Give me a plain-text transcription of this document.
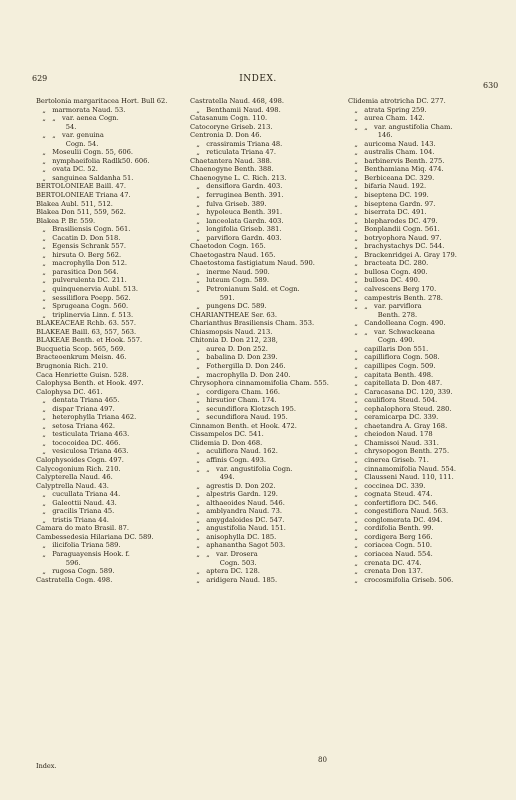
629	INDEX.
630
Bertolonia margaritacea Hort. Bull 62.
„   marmorata Naud. 53.
„   „   var. aenea Cogn.
54.
„   „   var. genuina
Cogn. 54.
„   Moseulii Cogn. 55, 606.
„   nymphaeifolia Radlk50. 606.
„   ovata DC. 52.
„   sanguinea Saldanha 51.
BERTOLONIEAE Baill. 47.
BERTOLONIEAE Triana 47.
Blakea Aubl. 511, 512.
Blakea Don 511, 559, 562.
Blakea P. Br. 559.
„   Brasiliensis Cogn. 561.
„   Cacatin D. Don 518.
„   Egensis Schrank 557.
„   hirsuta O. Berg 562.
„   macrophylla Don 512.
„   parasitica Don 564.
„   pulverulenta DC. 211.
„   quinquenervia Aubl. 513.
„   sessiliflora Poepp. 562.
„   Sprugeana Cogn. 560.
„   triplinervia Linn. f. 513.
BLAKEACEAE Rchb. 63. 557.
BLAKEAE Baill. 63, 557, 563.
BLAKEAE Benth. et Hook. 557.
Bucquetia Scop. 565, 569.
Bracteoenkrum Meisn. 46.
Brugnonia Rich. 210.
Caca Henriette Guisn. 528.
Calophysa Benth. et Hook. 497.
Calophysa DC. 461.
„   dentata Triana 465.
„   dispar Triana 497.
„   heterophylla Triana 462.
„   setosa Triana 462.
„   testiculata Triana 463.
„   tococoidea DC. 466.
„   vesiculosa Triana 463.
Calophysoides Cogn. 497.
Calycogonium Rich. 210.
Calypterella Naud. 46.
Calyptrella Naud. 43.
„   cucullata Triana 44.
„   Galeottii Naud. 43.
„   gracilis Triana 45.
„   tristis Triana 44.
Camara do mato Brasil. 87.
Cambessedesia Hilariana DC. 589.
„   ilicifolia Triana 589.
„   Paraguayensis Hook. f.
596.
„   rugosa Cogn. 589.
Castratella Cogn. 498.
Castratella Naud. 468, 498.
„   Benthamii Naud. 498.
Catasanum Cogn. 110.
Catocoryne Griseb. 213.
Centronia D. Don 46.
„   crassiramis Triana 48.
„   reticulata Triana 47.
Chaetantera Naud. 388.
Chaenogyne Benth. 388.
Chaenogyne L. C. Rich. 213.
„   densiflora Gardn. 403.
„   ferruginea Benth. 391.
„   fulva Griseb. 389.
„   hypoleuca Benth. 391.
„   lanceolata Gardn. 403.
„   longifolia Griseb. 381.
„   parviflora Gardn. 403.
Chaetodon Cogn. 165.
Chaetogastra Naud. 165.
Chaetostoma fastigiatum Naud. 590.
„   inerme Naud. 590.
„   luteum Cogn. 589.
„   Petronianum Sald. et Cogn.
591.
„   pungens DC. 589.
CHARIANTHEAE Ser. 63.
Charianthus Brasiliensis Cham. 353.
Chiasmopsis Naud. 213.
Chitonia D. Don 212, 238,
„   aurea D. Don 252.
„   babalina D. Don 239.
„   Fothergilla D. Don 246.
„   macrophylla D. Don 240.
Chrysophora cinnamomifolia Cham. 555.
„   cordigera Cham. 166.
„   hirsutior Cham. 174.
„   secundiflora Klotzsch 195.
„   secundiflora Naud. 195.
Cinnamon Benth. et Hook. 472.
Cissampelos DC. 541.
Clidemia D. Don 468.
„   aculiflora Naud. 162.
„   affinis Cogn. 493.
„   „   var. angustifolia Cogn.
494.
„   agrestis D. Don 202.
„   alpestris Gardn. 129.
„   althaeoides Naud. 546.
„   amblyandra Naud. 73.
„   amygdaloides DC. 547.
„   angustifolia Naud. 151.
„   anisophylla DC. 185.
„   aphanantha Sagot 503.
„   „   var. Drosera
Cogn. 503.
„   aptera DC. 128.
„   aridigera Naud. 185.
Clidemia atrotricha DC. 277.
„   atrata Spring 259.
„   aurea Cham. 142.
„   „   var. angustifolia Cham.
146.
„   auricoma Naud. 143.
„   australis Cham. 104.
„   barbinervis Benth. 275.
„   Benthamiana Miq. 474.
„   Berbiceana DC. 329.
„   bifaria Naud. 192.
„   biseptena DC. 199.
„   biseptena Gardn. 97.
„   biserrata DC. 491.
„   blepharodes DC. 479.
„   Bonplandii Cogn. 561.
„   botryophora Naud. 97.
„   brachystachys DC. 544.
„   Brackenridgei A. Gray 179.
„   bracteata DC. 280.
„   bullosa Cogn. 490.
„   bullosa DC. 490.
„   calvescens Berg 170.
„   campestris Benth. 278.
„   „   var. parviflora
Benth. 278.
„   Candolleana Cogn. 490.
„   „   var. Schwackeana
Cogn. 490.
„   capillaris Don 551.
„   capilliflora Cogn. 508.
„   capillipes Cogn. 509.
„   capitata Benth. 498.
„   capitellata D. Don 487.
„   Caracasana DC. 120, 339.
„   cauliflora Steud. 504.
„   cephalophora Steud. 280.
„   ceramicarpa DC. 339.
„   chaetandra A. Gray 168.
„   cheiodon Naud. 178
„   Chamissoi Naud. 331.
„   chrysopogon Benth. 275.
„   cinerea Griseb. 71.
„   cinnamomifolia Naud. 554.
„   Clausseni Naud. 110, 111.
„   coccinea DC. 339.
„   cognata Steud. 474.
„   confertiflora DC. 546.
„   congestiflora Naud. 563.
„   conglomerata DC. 494.
„   cordifolia Benth. 99.
„   cordigera Berg 166.
„   coriacea Cogn. 510.
„   coriacea Naud. 554.
„   crenata DC. 474.
„   crenata Don 137.
„   crocosmifolia Griseb. 506.
Index.
80
